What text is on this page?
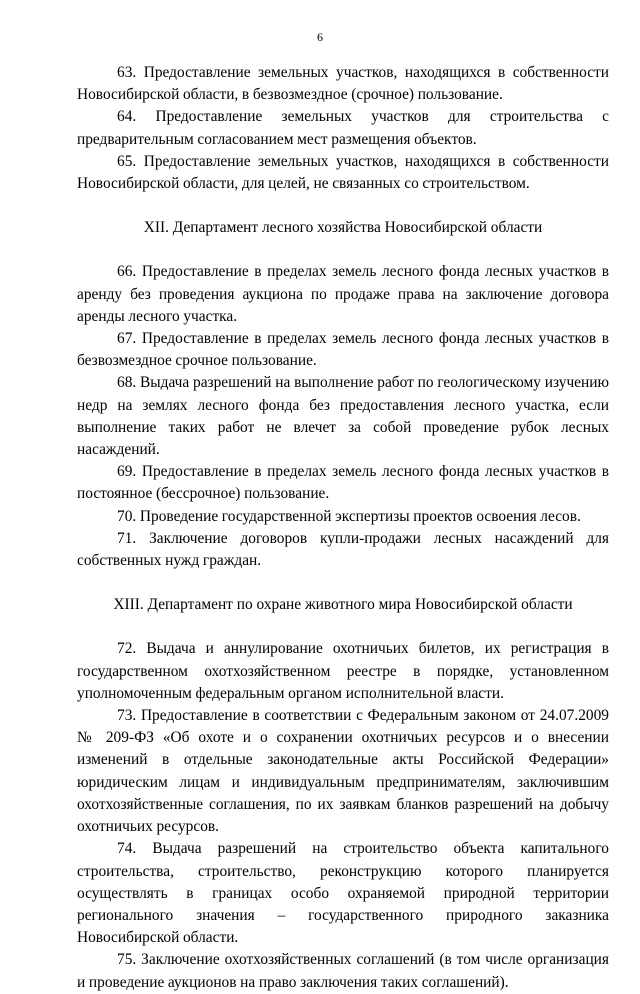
6

63. Предоставление земельных участков, находящихся в собственности Новосибирской области, в безвозмездное (срочное) пользование.

64. Предоставление земельных участков для строительства с предварительным согласованием мест размещения объектов.

65. Предоставление земельных участков, находящихся в собственности Новосибирской области, для целей, не связанных со строительством.

XII. Департамент лесного хозяйства Новосибирской области

66. Предоставление в пределах земель лесного фонда лесных участков в аренду без проведения аукциона по продаже права на заключение договора аренды лесного участка.

67. Предоставление в пределах земель лесного фонда лесных участков в безвозмездное срочное пользование.

68. Выдача разрешений на выполнение работ по геологическому изучению недр на землях лесного фонда без предоставления лесного участка, если выполнение таких работ не влечет за собой проведение рубок лесных насаждений.

69. Предоставление в пределах земель лесного фонда лесных участков в постоянное (бессрочное) пользование.

70. Проведение государственной экспертизы проектов освоения лесов.

71. Заключение договоров купли-продажи лесных насаждений для собственных нужд граждан.

XIII. Департамент по охране животного мира Новосибирской области

72. Выдача и аннулирование охотничьих билетов, их регистрация в государственном охотхозяйственном реестре в порядке, установленном уполномоченным федеральным органом исполнительной власти.

73. Предоставление в соответствии с Федеральным законом от 24.07.2009 № 209-ФЗ «Об охоте и о сохранении охотничьих ресурсов и о внесении изменений в отдельные законодательные акты Российской Федерации» юридическим лицам и индивидуальным предпринимателям, заключившим охотхозяйственные соглашения, по их заявкам бланков разрешений на добычу охотничьих ресурсов.

74. Выдача разрешений на строительство объекта капитального строительства, строительство, реконструкцию которого планируется осуществлять в границах особо охраняемой природной территории регионального значения – государственного природного заказника Новосибирской области.

75. Заключение охотхозяйственных соглашений (в том числе организация и проведение аукционов на право заключения таких соглашений).
